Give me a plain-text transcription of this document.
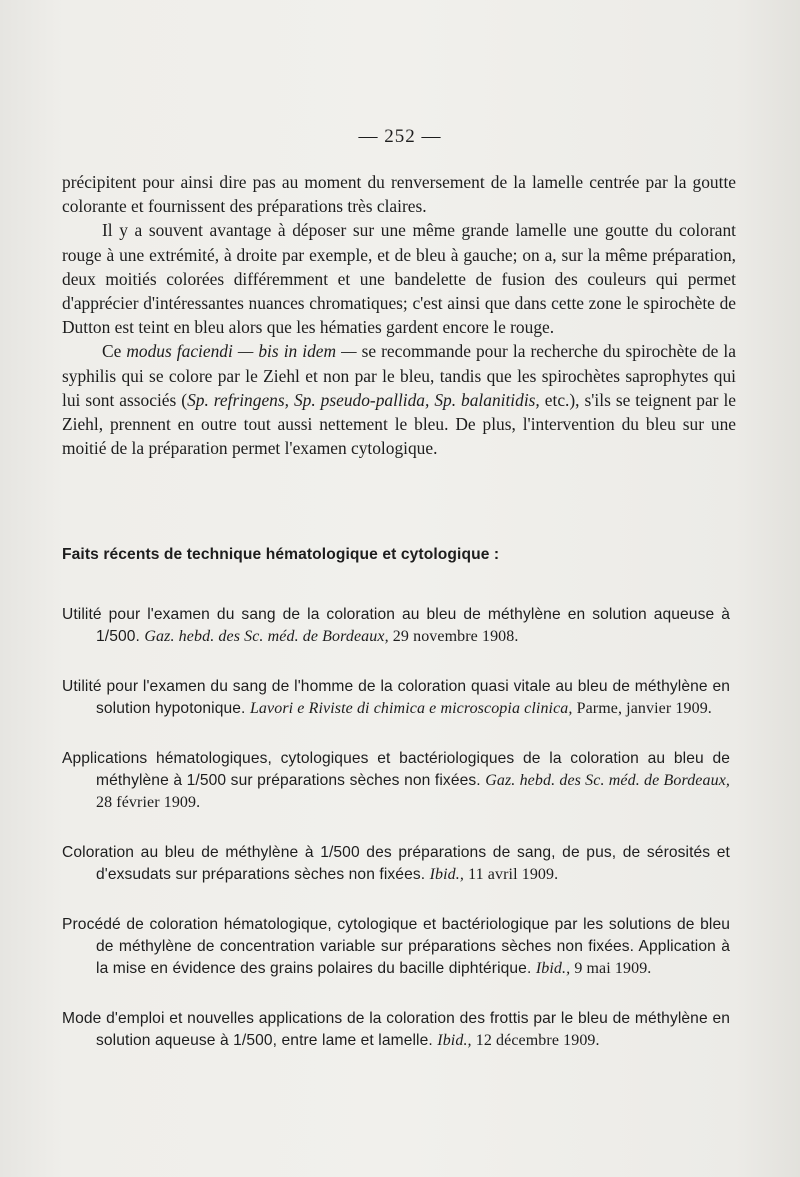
— 252 —

précipitent pour ainsi dire pas au moment du renversement de la lamelle centrée par la goutte colorante et fournissent des préparations très claires.

Il y a souvent avantage à déposer sur une même grande lamelle une goutte du colorant rouge à une extrémité, à droite par exemple, et de bleu à gauche; on a, sur la même préparation, deux moitiés colorées différemment et une bandelette de fusion des couleurs qui permet d'apprécier d'intéressantes nuances chromatiques; c'est ainsi que dans cette zone le spirochète de Dutton est teint en bleu alors que les hématies gardent encore le rouge.

Ce modus faciendi — bis in idem — se recommande pour la recherche du spirochète de la syphilis qui se colore par le Ziehl et non par le bleu, tandis que les spirochètes saprophytes qui lui sont associés (Sp. refringens, Sp. pseudo-pallida, Sp. balanitidis, etc.), s'ils se teignent par le Ziehl, prennent en outre tout aussi nettement le bleu. De plus, l'intervention du bleu sur une moitié de la préparation permet l'examen cytologique.

Faits récents de technique hématologique et cytologique :

Utilité pour l'examen du sang de la coloration au bleu de méthylène en solution aqueuse à 1/500. Gaz. hebd. des Sc. méd. de Bordeaux, 29 novembre 1908.

Utilité pour l'examen du sang de l'homme de la coloration quasi vitale au bleu de méthylène en solution hypotonique. Lavori e Riviste di chimica e microscopia clinica, Parme, janvier 1909.

Applications hématologiques, cytologiques et bactériologiques de la coloration au bleu de méthylène à 1/500 sur préparations sèches non fixées. Gaz. hebd. des Sc. méd. de Bordeaux, 28 février 1909.

Coloration au bleu de méthylène à 1/500 des préparations de sang, de pus, de sérosités et d'exsudats sur préparations sèches non fixées. Ibid., 11 avril 1909.

Procédé de coloration hématologique, cytologique et bactériologique par les solutions de bleu de méthylène de concentration variable sur préparations sèches non fixées. Application à la mise en évidence des grains polaires du bacille diphtérique. Ibid., 9 mai 1909.

Mode d'emploi et nouvelles applications de la coloration des frottis par le bleu de méthylène en solution aqueuse à 1/500, entre lame et lamelle. Ibid., 12 décembre 1909.
